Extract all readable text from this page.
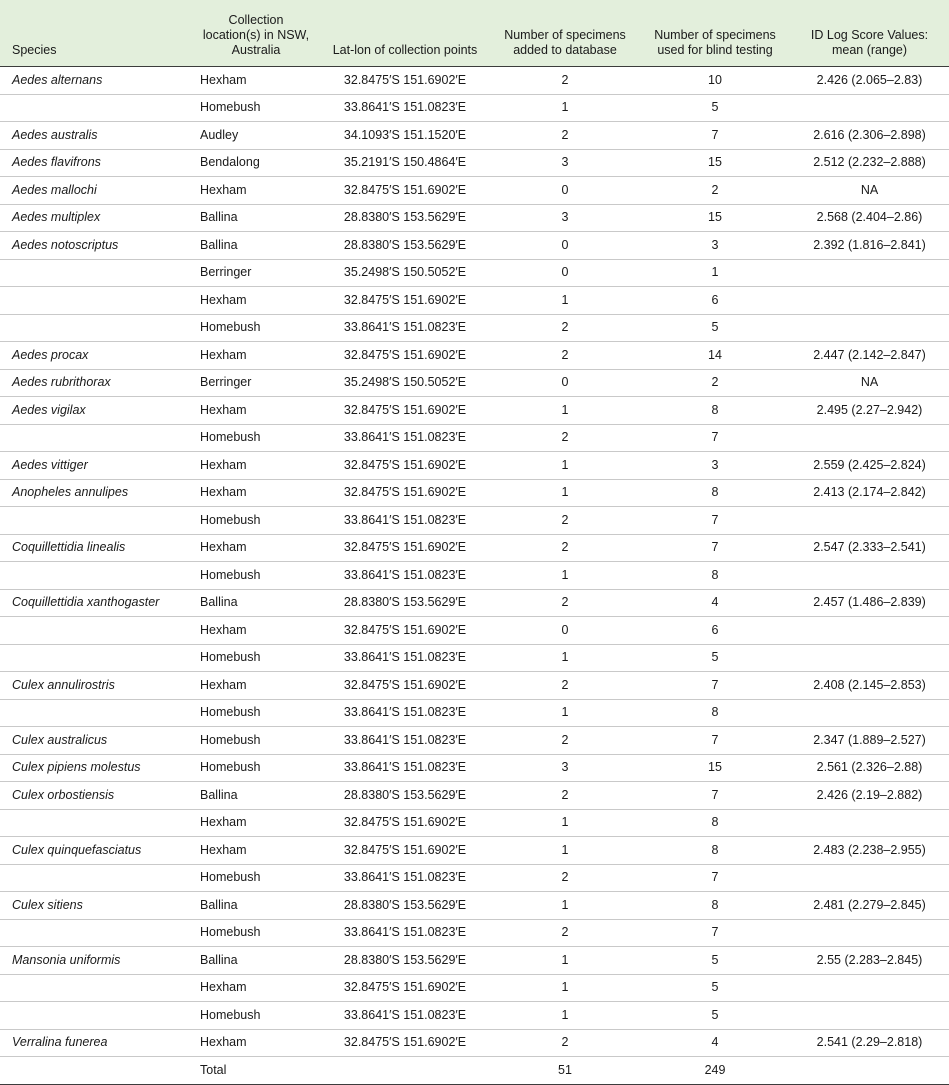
Species	Collection location(s) in NSW, Australia	Lat-lon of collection points	Number of specimens added to database	Number of specimens used for blind testing	ID Log Score Values: mean (range)
Aedes alternans	Hexham	32.8475′S 151.6902′E	2	10	2.426 (2.065–2.83)
	Homebush	33.8641′S 151.0823′E	1	5	
Aedes australis	Audley	34.1093′S 151.1520′E	2	7	2.616 (2.306–2.898)
Aedes flavifrons	Bendalong	35.2191′S 150.4864′E	3	15	2.512 (2.232–2.888)
Aedes mallochi	Hexham	32.8475′S 151.6902′E	0	2	NA
Aedes multiplex	Ballina	28.8380′S 153.5629′E	3	15	2.568 (2.404–2.86)
Aedes notoscriptus	Ballina	28.8380′S 153.5629′E	0	3	2.392 (1.816–2.841)
	Berringer	35.2498′S 150.5052′E	0	1	
	Hexham	32.8475′S 151.6902′E	1	6	
	Homebush	33.8641′S 151.0823′E	2	5	
Aedes procax	Hexham	32.8475′S 151.6902′E	2	14	2.447 (2.142–2.847)
Aedes rubrithorax	Berringer	35.2498′S 150.5052′E	0	2	NA
Aedes vigilax	Hexham	32.8475′S 151.6902′E	1	8	2.495 (2.27–2.942)
	Homebush	33.8641′S 151.0823′E	2	7	
Aedes vittiger	Hexham	32.8475′S 151.6902′E	1	3	2.559 (2.425–2.824)
Anopheles annulipes	Hexham	32.8475′S 151.6902′E	1	8	2.413 (2.174–2.842)
	Homebush	33.8641′S 151.0823′E	2	7	
Coquillettidia linealis	Hexham	32.8475′S 151.6902′E	2	7	2.547 (2.333–2.541)
	Homebush	33.8641′S 151.0823′E	1	8	
Coquillettidia xanthogaster	Ballina	28.8380′S 153.5629′E	2	4	2.457 (1.486–2.839)
	Hexham	32.8475′S 151.6902′E	0	6	
	Homebush	33.8641′S 151.0823′E	1	5	
Culex annulirostris	Hexham	32.8475′S 151.6902′E	2	7	2.408 (2.145–2.853)
	Homebush	33.8641′S 151.0823′E	1	8	
Culex australicus	Homebush	33.8641′S 151.0823′E	2	7	2.347 (1.889–2.527)
Culex pipiens molestus	Homebush	33.8641′S 151.0823′E	3	15	2.561 (2.326–2.88)
Culex orbostiensis	Ballina	28.8380′S 153.5629′E	2	7	2.426 (2.19–2.882)
	Hexham	32.8475′S 151.6902′E	1	8	
Culex quinquefasciatus	Hexham	32.8475′S 151.6902′E	1	8	2.483 (2.238–2.955)
	Homebush	33.8641′S 151.0823′E	2	7	
Culex sitiens	Ballina	28.8380′S 153.5629′E	1	8	2.481 (2.279–2.845)
	Homebush	33.8641′S 151.0823′E	2	7	
Mansonia uniformis	Ballina	28.8380′S 153.5629′E	1	5	2.55 (2.283–2.845)
	Hexham	32.8475′S 151.6902′E	1	5	
	Homebush	33.8641′S 151.0823′E	1	5	
Verralina funerea	Hexham	32.8475′S 151.6902′E	2	4	2.541 (2.29–2.818)
	Total		51	249	
